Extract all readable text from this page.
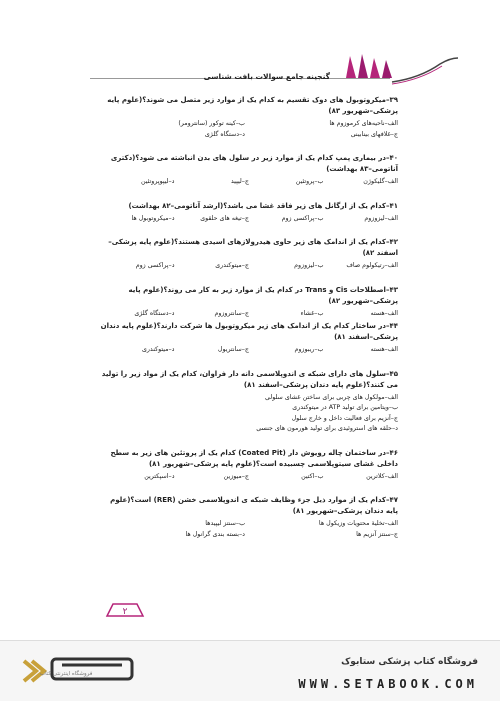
گنجینه جامع سوالات بافت شناسی
۳۹–میکروتوبول های دوک تقسیم به کدام یک از موارد زیر متصل می شوند؟(علوم پایه پزشکی–شهریور ۸۳)
الف–ناحیه‌های کرموزوم ها
ب–کینه توکور (سانترومر)
ج–غلافهای بینابینی
د–دستگاه گلژی
۴۰–در بیماری پمپ کدام یک از موارد زیر در سلول های بدن انباشته می شود؟(دکتری آناتومی–۸۳ بهداشت)
الف–گلیکوژن
ب–پروتئین
ج–لیپید
د–لیپوپروتئین
۴۱–کدام یک از ارگانل های زیر فاقد غشا می باشد؟(ارشد آناتومی–۸۲ بهداشت)
الف–لیزوزوم
ب–پراکسی زوم
ج–تیغه های حلقوی
د–میکروتوبول ها
۴۲–کدام یک از اندامک های زیر حاوی هیدرولازهای اسیدی هستند؟(علوم پایه پزشکی–اسفند ۸۲)
الف–رتیکولوم صاف
ب–لیزوزوم
ج–میتوکندری
د–پراکسی زوم
۴۳–اصطلاحات Cis و Trans در کدام یک از موارد زیر به کار می روند؟(علوم پایه پزشکی–شهریور ۸۲)
الف–هسته
ب–غشاء
ج–سانتروزوم
د–دستگاه گلژی
۴۴–در ساختار کدام یک از اندامک های زیر میکروتوبول ها شرکت دارند؟(علوم پایه دندان پزشکی–اسفند ۸۱)
الف–هسته
ب–ریبوزوم
ج–سانتریول
د–میتوکندری
۴۵–سلول های دارای شبکه ی اندوپلاسمی دانه دار فراوان، کدام یک از مواد زیر را تولید می کنند؟(علوم پایه دندان پزشکی–اسفند ۸۱)
الف–مولکول های چربی برای ساختن غشای سلولی
ب–ویتامین برای تولید ATP در میتوکندری
ج–آنزیم برای فعالیت داخل و خارج سلول
د–حلقه های استروئیدی برای تولید هورمون های جنسی
۴۶–در ساختمان چاله رویوش دار (Coated Pit) کدام یک از پروتئین های زیر به سطح داخلی غشای سیتوپلاسمی چسبیده است؟(علوم پایه پزشکی–شهریور ۸۱)
الف–کلاترین
ب–اکتین
ج–میوزین
د–اسپکترین
۴۷–کدام یک از موارد ذیل جزء وظایف شبکه ی اندوپلاسمی خشن (RER) است؟(علوم پایه دندان پزشکی–شهریور ۸۱)
الف–تخلیۀ محتویات وزیکول ها
ب–سنتز لیپیدها
ج–سنتز آنزیم ها
د–بسته بندی گرانول ها
۲
فروشگاه اینترنتی کتاب
فروشگاه کتاب پزشکی ستابوک
WWW.SETABOOK.COM
